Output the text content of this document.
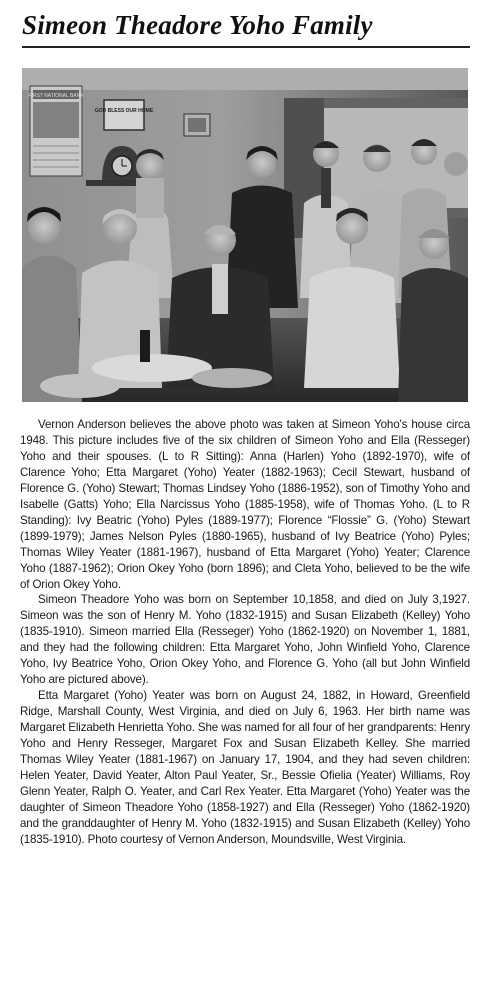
Simeon Theadore Yoho Family
FIRST NATIONAL BANK
GOD BLESS OUR HOME

Vernon Anderson believes the above photo was taken at Simeon Yoho's house circa 1948. This picture includes five of the six children of Simeon Yoho and Ella (Resseger) Yoho and their spouses. (L to R Sitting): Anna (Harlen) Yoho (1892-1970), wife of Clarence Yoho; Etta Margaret (Yoho) Yeater (1882-1963); Cecil Stewart, husband of Florence G. (Yoho) Stewart; Thomas Lindsey Yoho (1886-1952), son of Timothy Yoho and Isabelle (Gatts) Yoho; Ella Narcissus Yoho (1885-1958), wife of Thomas Yoho. (L to R Standing): Ivy Beatric (Yoho) Pyles (1889-1977); Florence “Flossie” G. (Yoho) Stewart (1899-1979); James Nelson Pyles (1880-1965), husband of Ivy Beatrice (Yoho) Pyles; Thomas Wiley Yeater (1881-1967), husband of Etta Margaret (Yoho) Yeater; Clarence Yoho (1887-1962); Orion Okey Yoho (born 1896); and Cleta Yoho, believed to be the wife of Orion Okey Yoho.

Simeon Theadore Yoho was born on September 10,1858, and died on July 3,1927. Simeon was the son of Henry M. Yoho (1832-1915) and Susan Elizabeth (Kelley) Yoho (1835-1910). Simeon married Ella (Resseger) Yoho (1862-1920) on November 1, 1881, and they had the following children: Etta Margaret Yoho, John Winfield Yoho, Clarence Yoho, Ivy Beatrice Yoho, Orion Okey Yoho, and Florence G. Yoho (all but John Winfield Yoho are pictured above).

Etta Margaret (Yoho) Yeater was born on August 24, 1882, in Howard, Greenfield Ridge, Marshall County, West Virginia, and died on July 6, 1963. Her birth name was Margaret Elizabeth Henrietta Yoho. She was named for all four of her grandparents: Henry Yoho and Henry Resseger, Margaret Fox and Susan Elizabeth Kelley. She married Thomas Wiley Yeater (1881-1967) on January 17, 1904, and they had seven children: Helen Yeater, David Yeater, Alton Paul Yeater, Sr., Bessie Ofielia (Yeater) Williams, Roy Glenn Yeater, Ralph O. Yeater, and Carl Rex Yeater. Etta Margaret (Yoho) Yeater was the daughter of Simeon Theadore Yoho (1858-1927) and Ella (Resseger) Yoho (1862-1920) and the granddaughter of Henry M. Yoho (1832-1915) and Susan Elizabeth (Kelley) Yoho (1835-1910). Photo courtesy of Vernon Anderson, Moundsville, West Virginia.
